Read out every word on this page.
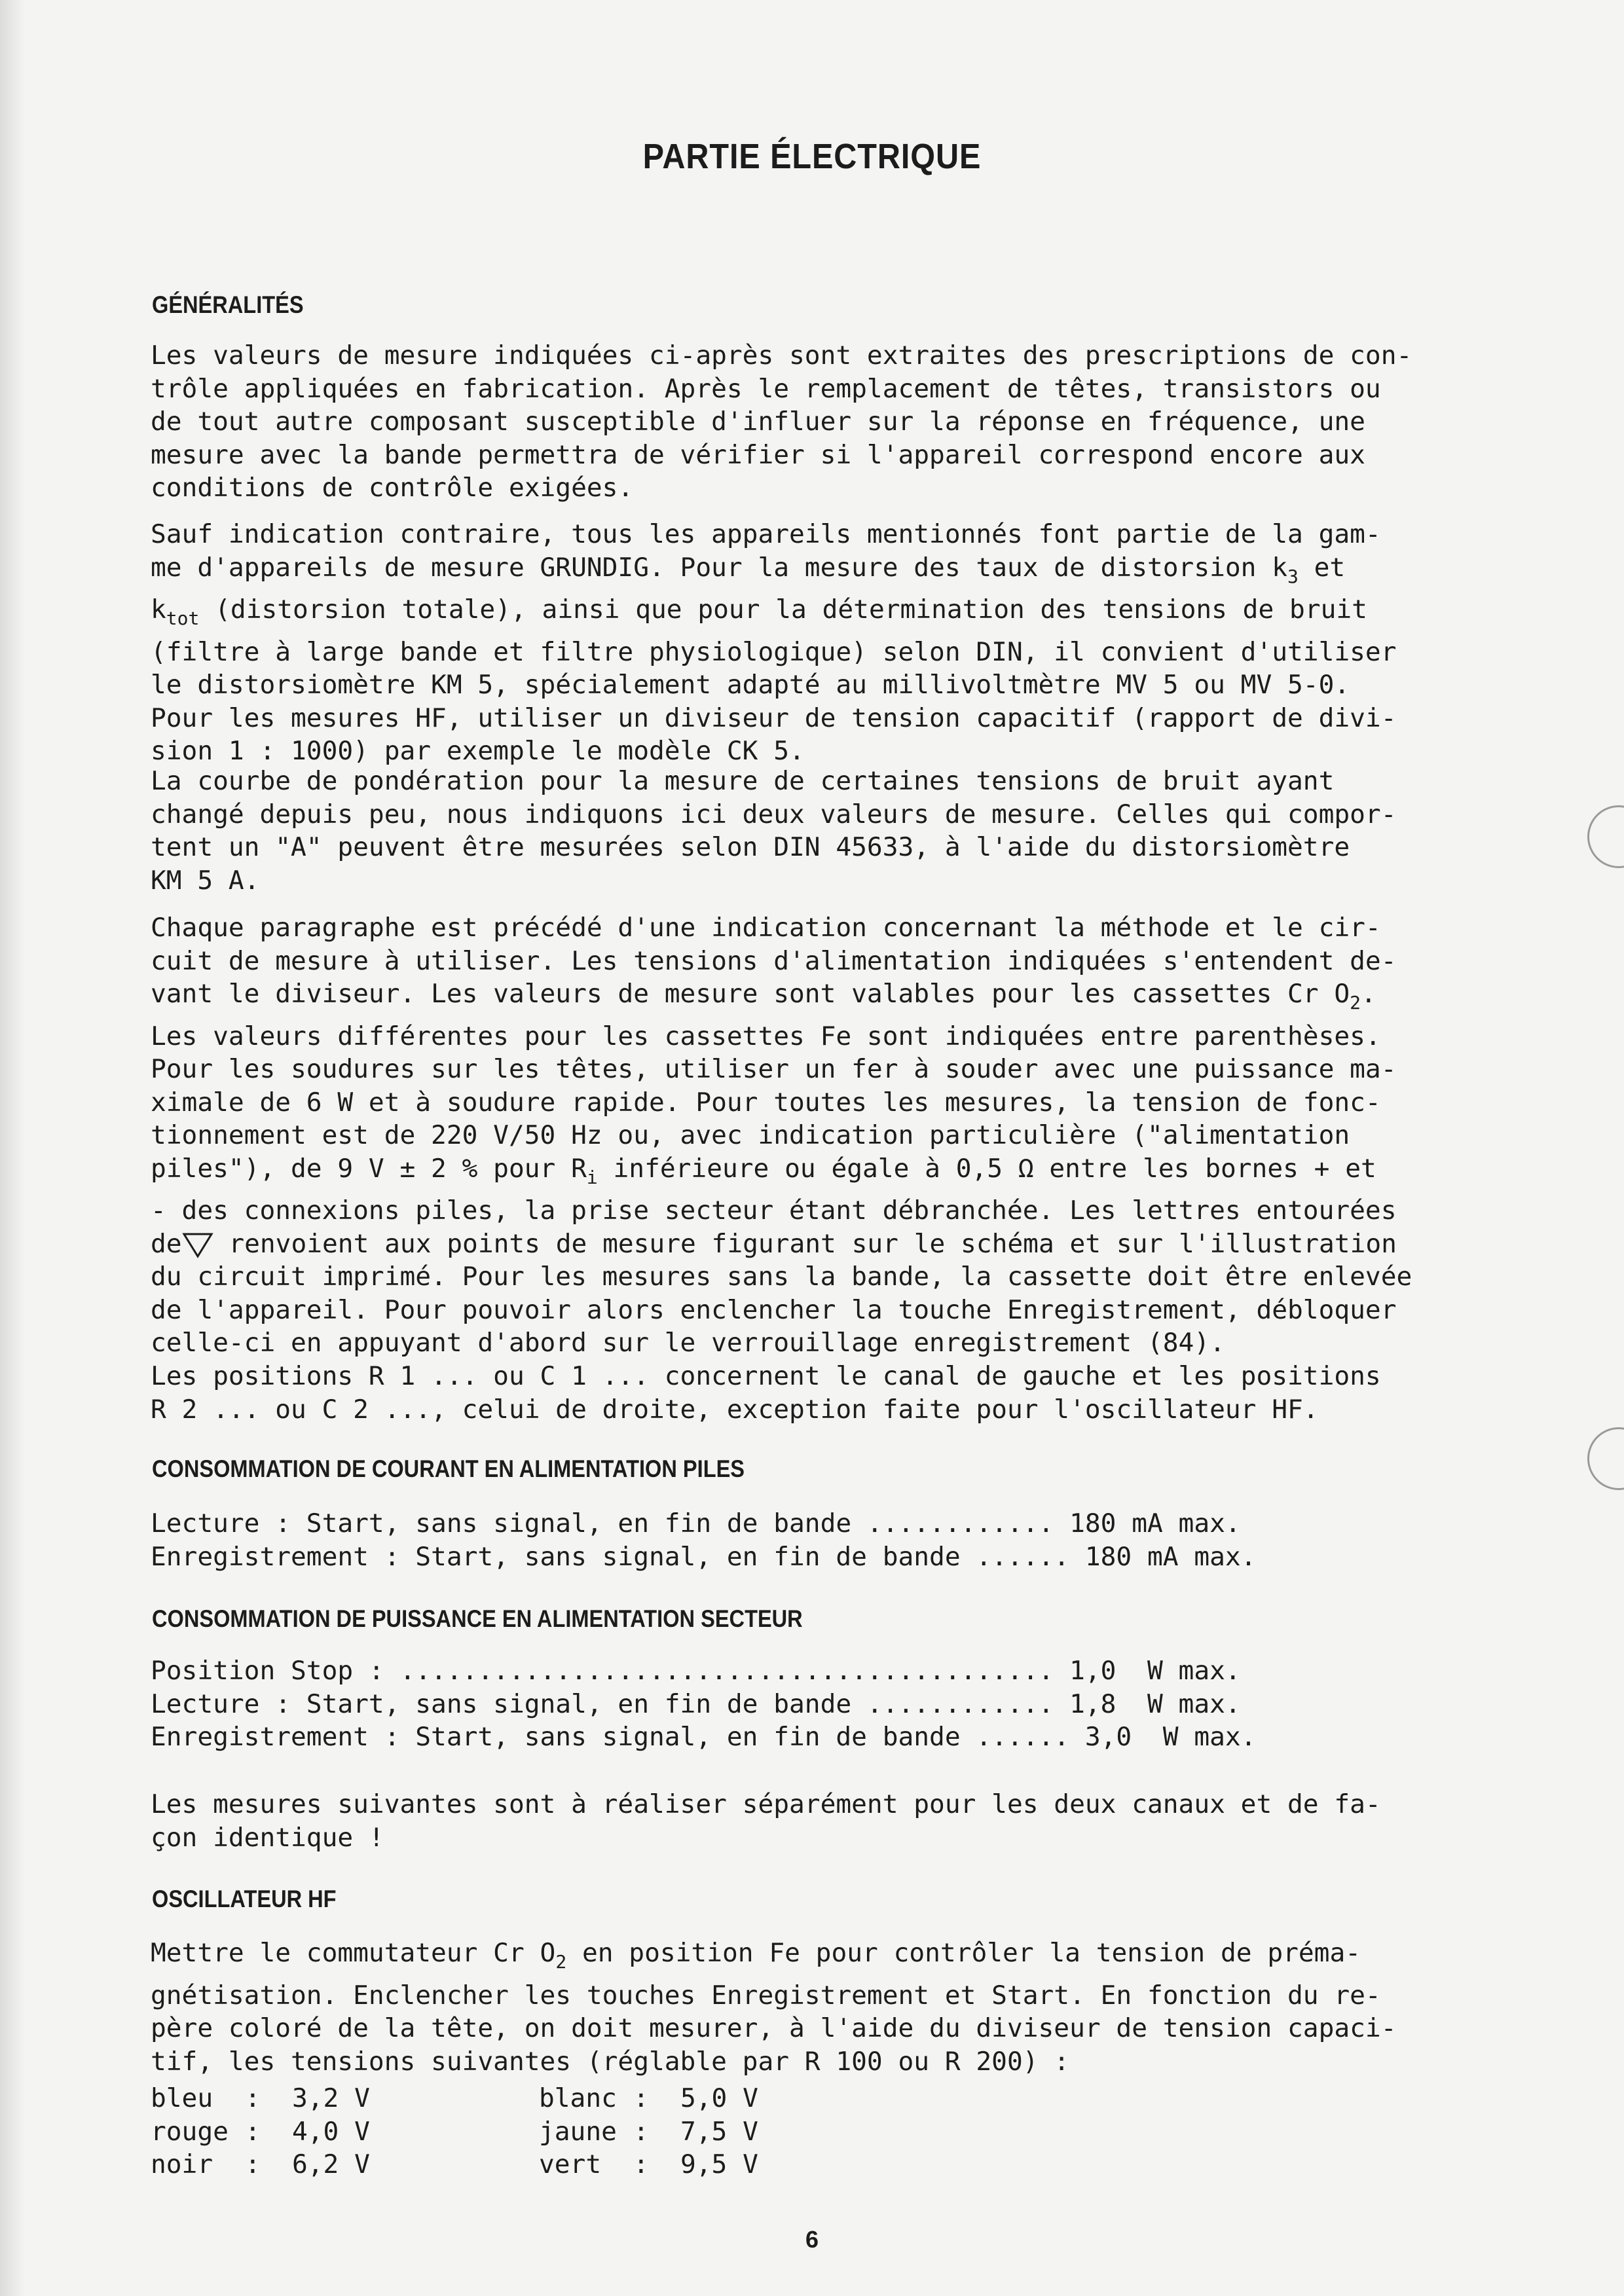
PARTIE ÉLECTRIQUE
GÉNÉRALITÉS
Les valeurs de mesure indiquées ci-après sont extraites des prescriptions de con-
trôle appliquées en fabrication. Après le remplacement de têtes, transistors ou
de tout autre composant susceptible d'influer sur la réponse en fréquence, une
mesure avec la bande permettra de vérifier si l'appareil correspond encore aux
conditions de contrôle exigées.
Sauf indication contraire, tous les appareils mentionnés font partie de la gam-
me d'appareils de mesure GRUNDIG. Pour la mesure des taux de distorsion $k_3$ et
$k_{tot}$ (distorsion totale), ainsi que pour la détermination des tensions de bruit
(filtre à large bande et filtre physiologique) selon DIN, il convient d'utiliser
le distorsiomètre KM 5, spécialement adapté au millivoltmètre MV 5 ou MV 5-0.
Pour les mesures HF, utiliser un diviseur de tension capacitif (rapport de divi-
sion 1 : 1000) par exemple le modèle CK 5.
La courbe de pondération pour la mesure de certaines tensions de bruit ayant
changé depuis peu, nous indiquons ici deux valeurs de mesure. Celles qui compor-
tent un "A" peuvent être mesurées selon DIN 45633, à l'aide du distorsiomètre
KM 5 A.
Chaque paragraphe est précédé d'une indication concernant la méthode et le cir-
cuit de mesure à utiliser. Les tensions d'alimentation indiquées s'entendent de-
vant le diviseur. Les valeurs de mesure sont valables pour les cassettes Cr $O_2$.
Les valeurs différentes pour les cassettes Fe sont indiquées entre parenthèses.
Pour les soudures sur les têtes, utiliser un fer à souder avec une puissance ma-
ximale de 6 W et à soudure rapide. Pour toutes les mesures, la tension de fonc-
tionnement est de 220 V/50 Hz ou, avec indication particulière ("alimentation
piles"), de 9 V ± 2 % pour $R_i$ inférieure ou égale à 0,5 Ω entre les bornes + et
- des connexions piles, la prise secteur étant débranchée. Les lettres entourées
de renvoient aux points de mesure figurant sur le schéma et sur l'illustration
du circuit imprimé. Pour les mesures sans la bande, la cassette doit être enlevée
de l'appareil. Pour pouvoir alors enclencher la touche Enregistrement, débloquer
celle-ci en appuyant d'abord sur le verrouillage enregistrement (84).
Les positions R 1 ... ou C 1 ... concernent le canal de gauche et les positions
R 2 ... ou C 2 ..., celui de droite, exception faite pour l'oscillateur HF.
CONSOMMATION DE COURANT EN ALIMENTATION PILES
Lecture : Start, sans signal, en fin de bande ............ 180 mA max.
Enregistrement : Start, sans signal, en fin de bande ...... 180 mA max.
CONSOMMATION DE PUISSANCE EN ALIMENTATION SECTEUR
Position Stop : .......................................... 1,0  W max.
Lecture : Start, sans signal, en fin de bande ............ 1,8  W max.
Enregistrement : Start, sans signal, en fin de bande ...... 3,0  W max.
Les mesures suivantes sont à réaliser séparément pour les deux canaux et de fa-
çon identique !
OSCILLATEUR HF
Mettre le commutateur Cr $O_2$ en position Fe pour contrôler la tension de préma-
gnétisation. Enclencher les touches Enregistrement et Start. En fonction du re-
père coloré de la tête, on doit mesurer, à l'aide du diviseur de tension capaci-
tif, les tensions suivantes (réglable par R 100 ou R 200) :
bleu : 3,2 V
rouge : 4,0 V
noir : 6,2 V
blanc : 5,0 V
jaune : 7,5 V
vert : 9,5 V
6
